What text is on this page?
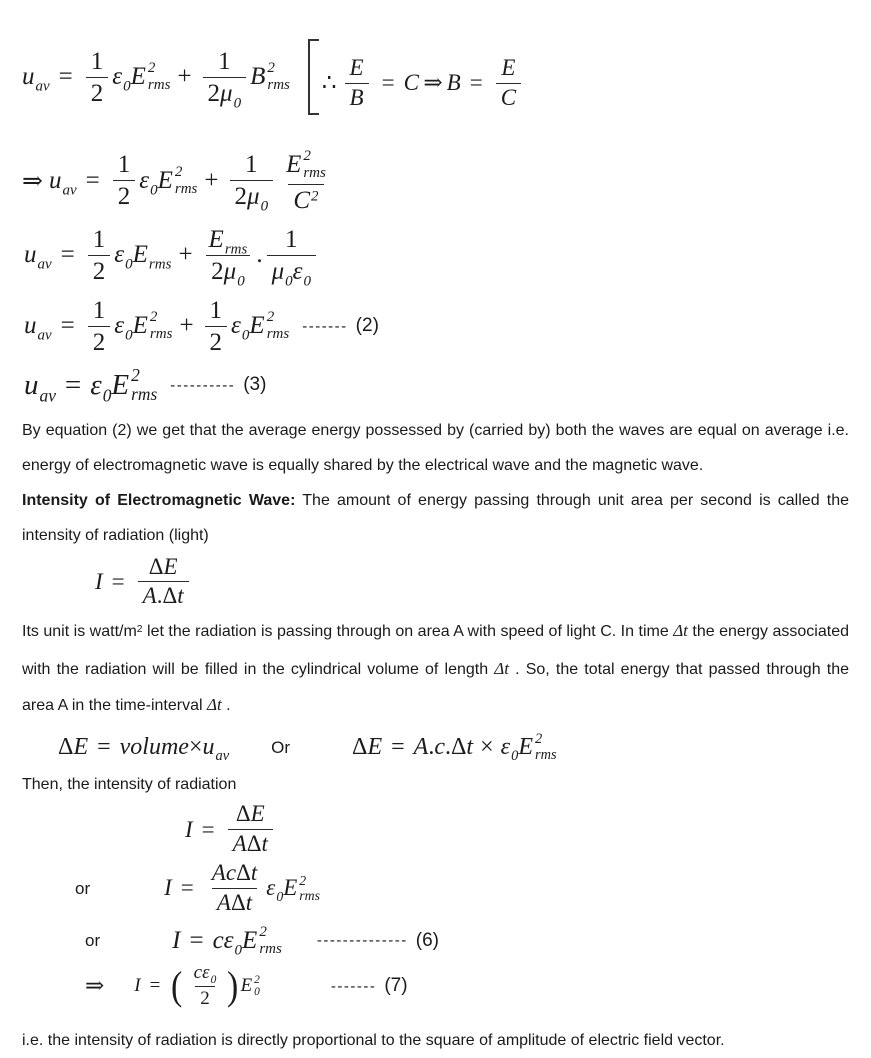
u av = $\frac{1}{2}$ ε 0 E 2
rms + $\frac{1}{2 \mu 0}$ B 2
rms ∴ $\frac{E}{B} = C$
⇒ $B = \frac{E}{C}$
⇒ u av = $\frac{1}{2}$ ε 0 E 2
rms + $\frac{1}{2 \mu 0}$ E 2
rms
C 2
u av = $\frac{1}{2}$ ε 0 E rms + $\frac{\text{E rms}}{2 \mu 0}$ . $\frac{1}{\mu 0 \varepsilon 0}$
u av = $\frac{1}{2}$ ε 0 E 2
rms + $\frac{1}{2}$ ε 0 E 2
rms ------- (2)
u av = ε 0 E 2
rms ---------- (3)

By equation (2) we get that the average energy possessed by (carried by) both the waves are equal on average i.e. energy of electromagnetic wave is equally shared by the electrical wave and the magnetic wave.

Intensity of Electromagnetic Wave: The amount of energy passing through unit area per second is called the intensity of radiation (light)

$I = \frac{\text{Δ E}}{\text{A . Δ t}}$

Its unit is watt/$m^2$ let the radiation is passing through on area A with speed of light C. In time Δt the energy associated with the radiation will be filled in the cylindrical volume of length Δt . So, the total energy that passed through the area A in the time-interval Δt .

Δ E = volume × u av Or	Δ E = A . c . Δ t × ε 0 E 2
rms

Then, the intensity of radiation

$I = \frac{\text{Δ E}}{\text{A Δ t}}$
or	$I = \frac{\text{A c Δ t}}{\text{A Δ t}}$ ε 0 E 2
rms
or	I = c ε 0 E 2
rms -------------- (6)
⇒ I = ( $\frac{\text{c ε 0}}{2}$ ) E 2
0	------- (7)

i.e. the intensity of radiation is directly proportional to the square of amplitude of electric field vector.
